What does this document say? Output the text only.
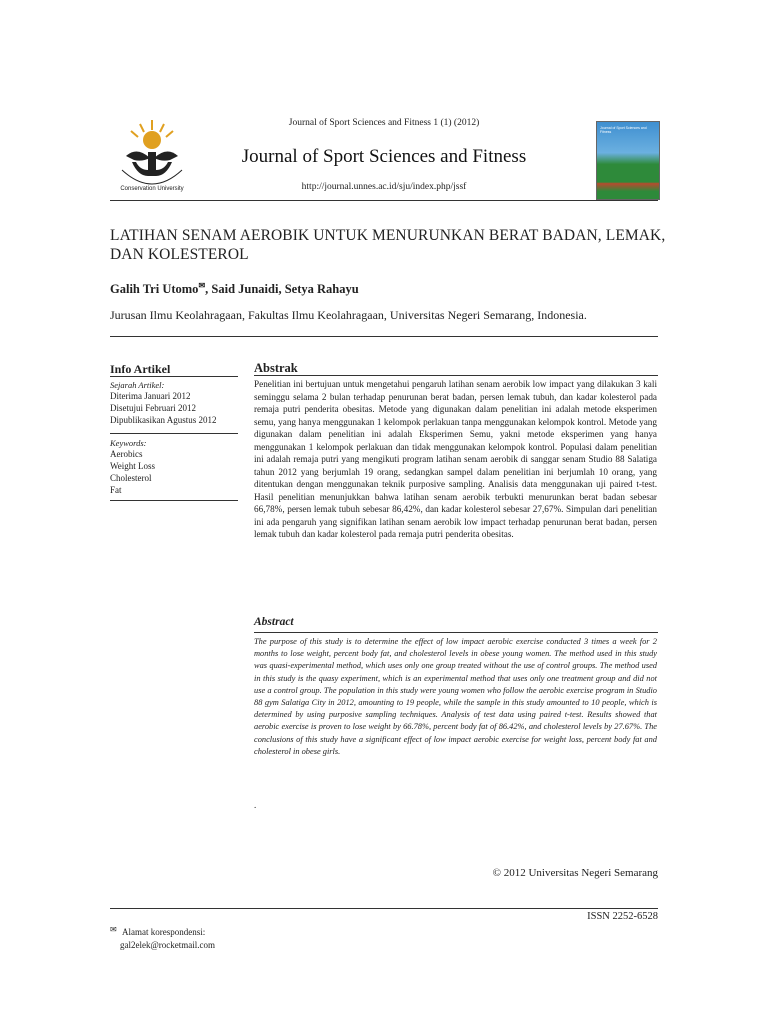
Journal of Sport Sciences and Fitness 1 (1) (2012)
Conservation University
Journal of Sport Sciences and Fitness
http://journal.unnes.ac.id/sju/index.php/jssf
Journal of Sport Sciences and Fitness
LATIHAN SENAM AEROBIK UNTUK MENURUNKAN BERAT BADAN, LEMAK, DAN KOLESTEROL
Galih Tri Utomo✉, Said Junaidi, Setya Rahayu
Jurusan Ilmu Keolahragaan, Fakultas Ilmu Keolahragaan, Universitas Negeri Semarang, Indonesia.
Info Artikel
Sejarah Artikel:
Diterima Januari 2012
Disetujui Februari 2012
Dipublikasikan Agustus 2012
Keywords:
Aerobics
Weight Loss
Cholesterol
Fat
Abstrak
Penelitian ini bertujuan untuk mengetahui pengaruh latihan senam aerobik low impact yang dilakukan 3 kali seminggu selama 2 bulan terhadap penurunan berat badan, persen lemak tubuh, dan kadar kolesterol pada remaja putri penderita obesitas. Metode yang digunakan dalam penelitian ini adalah metode eksperimen semu, yang hanya menggunakan 1 kelompok perlakuan tanpa menggunakan kelompok kontrol. Metode yang digunakan dalam penelitian ini adalah Eksperimen Semu, yakni metode eksperimen yang hanya menggunakan 1 kelompok perlakuan dan tidak menggunakan kelompok kontrol. Populasi dalam penelitian ini adalah remaja putri yang mengikuti program latihan senam aerobik di sanggar senam Studio 88 Salatiga tahun 2012 yang berjumlah 19 orang, sedangkan sampel dalam penelitian ini berjumlah 10 orang, yang ditentukan dengan menggunakan teknik purposive sampling. Analisis data menggunakan uji paired t-test. Hasil penelitian menunjukkan bahwa latihan senam aerobik terbukti menurunkan berat badan sebesar 66,78%, persen lemak tubuh sebesar 86,42%, dan kadar kolesterol sebesar 27,67%. Simpulan dari penelitian ini ada pengaruh yang signifikan latihan senam aerobik low impact terhadap penurunan berat badan, persen lemak tubuh dan kadar kolesterol pada remaja putri penderita obesitas.
Abstract
The purpose of this study is to determine the effect of low impact aerobic exercise conducted 3 times a week for 2 months to lose weight, percent body fat, and cholesterol levels in obese young women. The method used in this study was quasi-experimental method, which uses only one group treated without the use of control groups. The method used in this study is the quasy experiment, which is an experimental method that uses only one treatment group and did not use a control group. The population in this study were young women who follow the aerobic exercise program in Studio 88 gym Salatiga City in 2012, amounting to 19 people, while the sample in this study amounted to 10 people, which is determined by using purposive sampling techniques. Analysis of test data using paired t-test. Results showed that aerobic exercise is proven to lose weight by 66.78%, percent body fat of 86.42%, and cholesterol levels by 27.67%. The conclusions of this study have a significant effect of low impact aerobic exercise for weight loss, percent body fat and cholesterol in obese girls.
.
© 2012 Universitas Negeri Semarang
ISSN 2252-6528
✉ Alamat korespondensi:
gal2elek@rocketmail.com
